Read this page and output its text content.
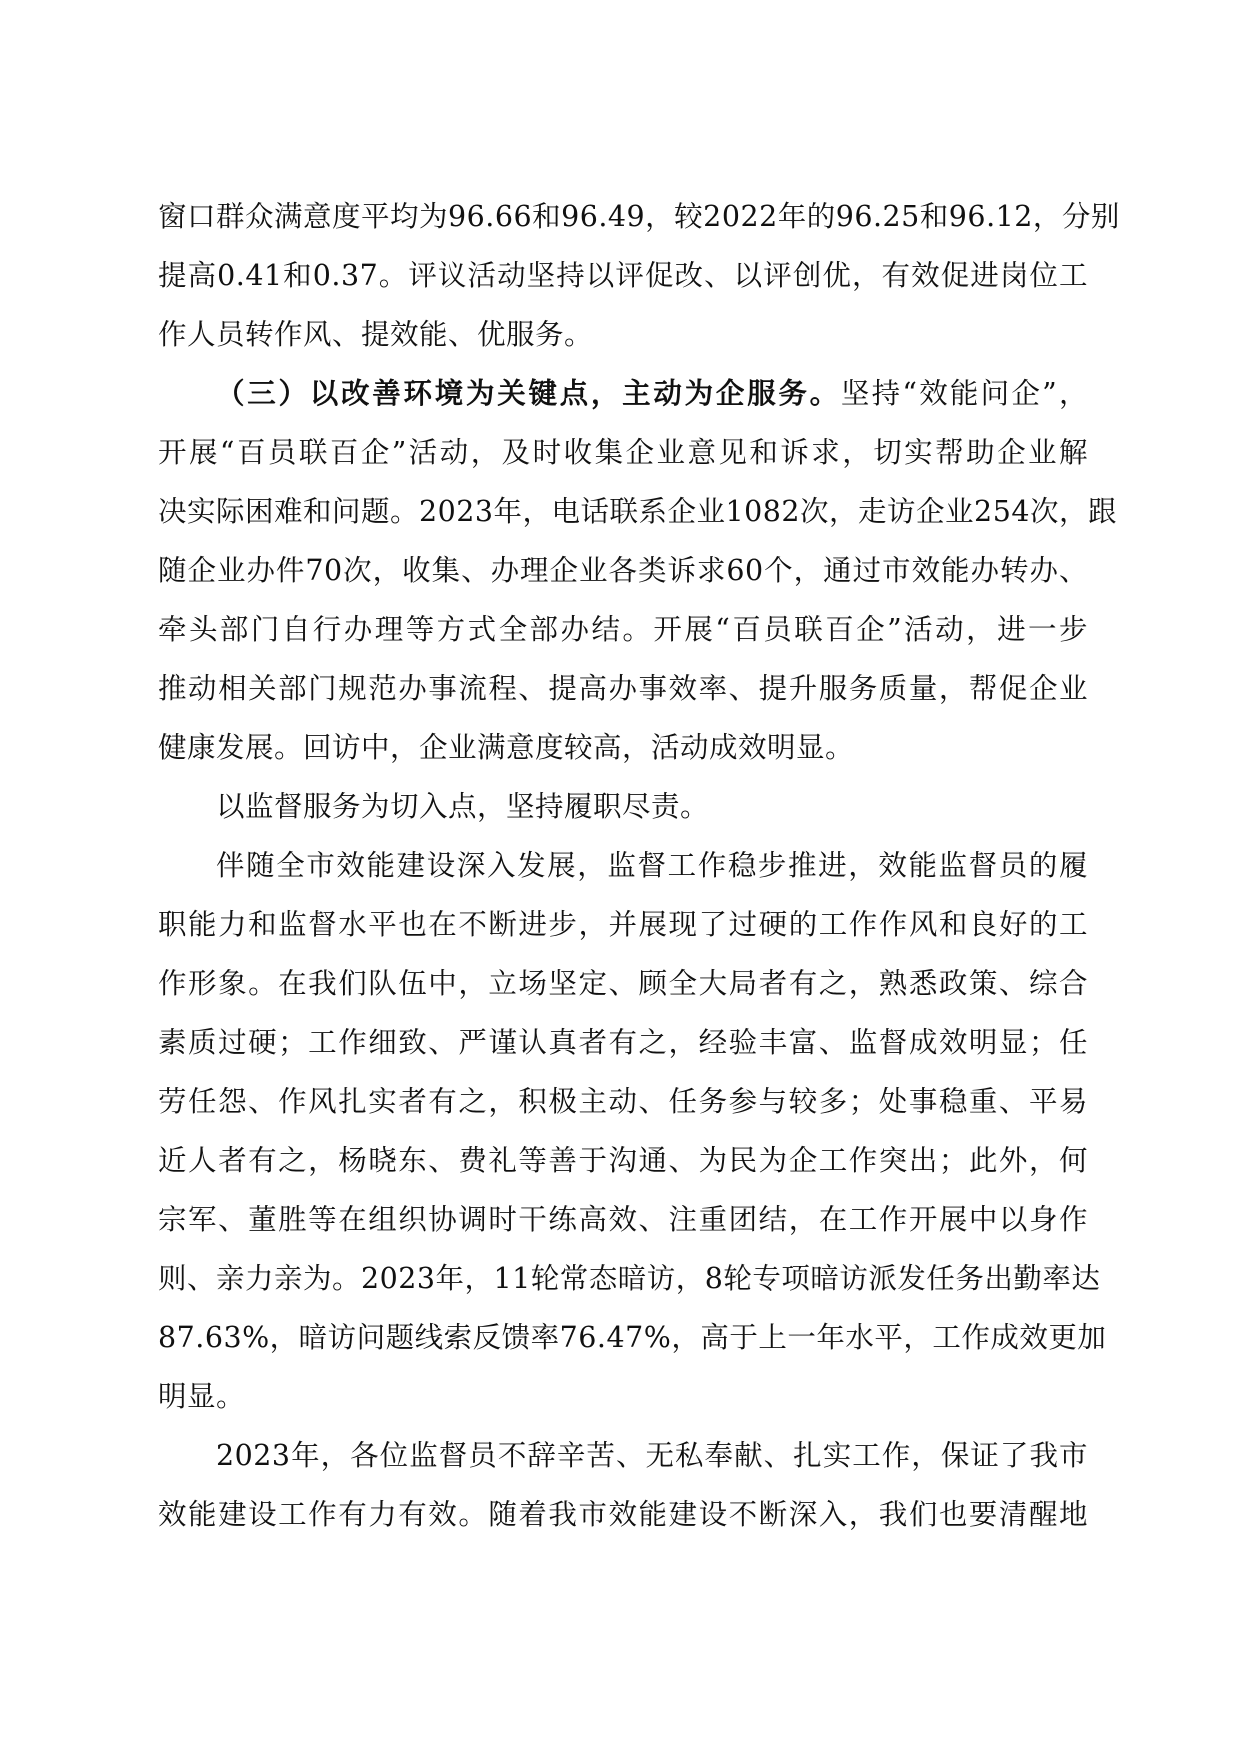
窗口群众满意度平均为96.66和96.49，较2022年的96.25和96.12，分别
提高0.41和0.37。评议活动坚持以评促改、以评创优，有效促进岗位工
作人员转作风、提效能、优服务。
（三）以改善环境为关键点，主动为企服务。坚持“效能问企”，
开展“百员联百企”活动，及时收集企业意见和诉求，切实帮助企业解
决实际困难和问题。2023年，电话联系企业1082次，走访企业254次，跟
随企业办件70次，收集、办理企业各类诉求60个，通过市效能办转办、
牵头部门自行办理等方式全部办结。开展“百员联百企”活动，进一步
推动相关部门规范办事流程、提高办事效率、提升服务质量，帮促企业
健康发展。回访中，企业满意度较高，活动成效明显。
以监督服务为切入点，坚持履职尽责。
伴随全市效能建设深入发展，监督工作稳步推进，效能监督员的履
职能力和监督水平也在不断进步，并展现了过硬的工作作风和良好的工
作形象。在我们队伍中，立场坚定、顾全大局者有之，熟悉政策、综合
素质过硬；工作细致、严谨认真者有之，经验丰富、监督成效明显；任
劳任怨、作风扎实者有之，积极主动、任务参与较多；处事稳重、平易
近人者有之，杨晓东、费礼等善于沟通、为民为企工作突出；此外，何
宗军、董胜等在组织协调时干练高效、注重团结，在工作开展中以身作
则、亲力亲为。2023年，11轮常态暗访，8轮专项暗访派发任务出勤率达
87.63%，暗访问题线索反馈率76.47%，高于上一年水平，工作成效更加
明显。
2023年，各位监督员不辞辛苦、无私奉献、扎实工作，保证了我市
效能建设工作有力有效。随着我市效能建设不断深入，我们也要清醒地
